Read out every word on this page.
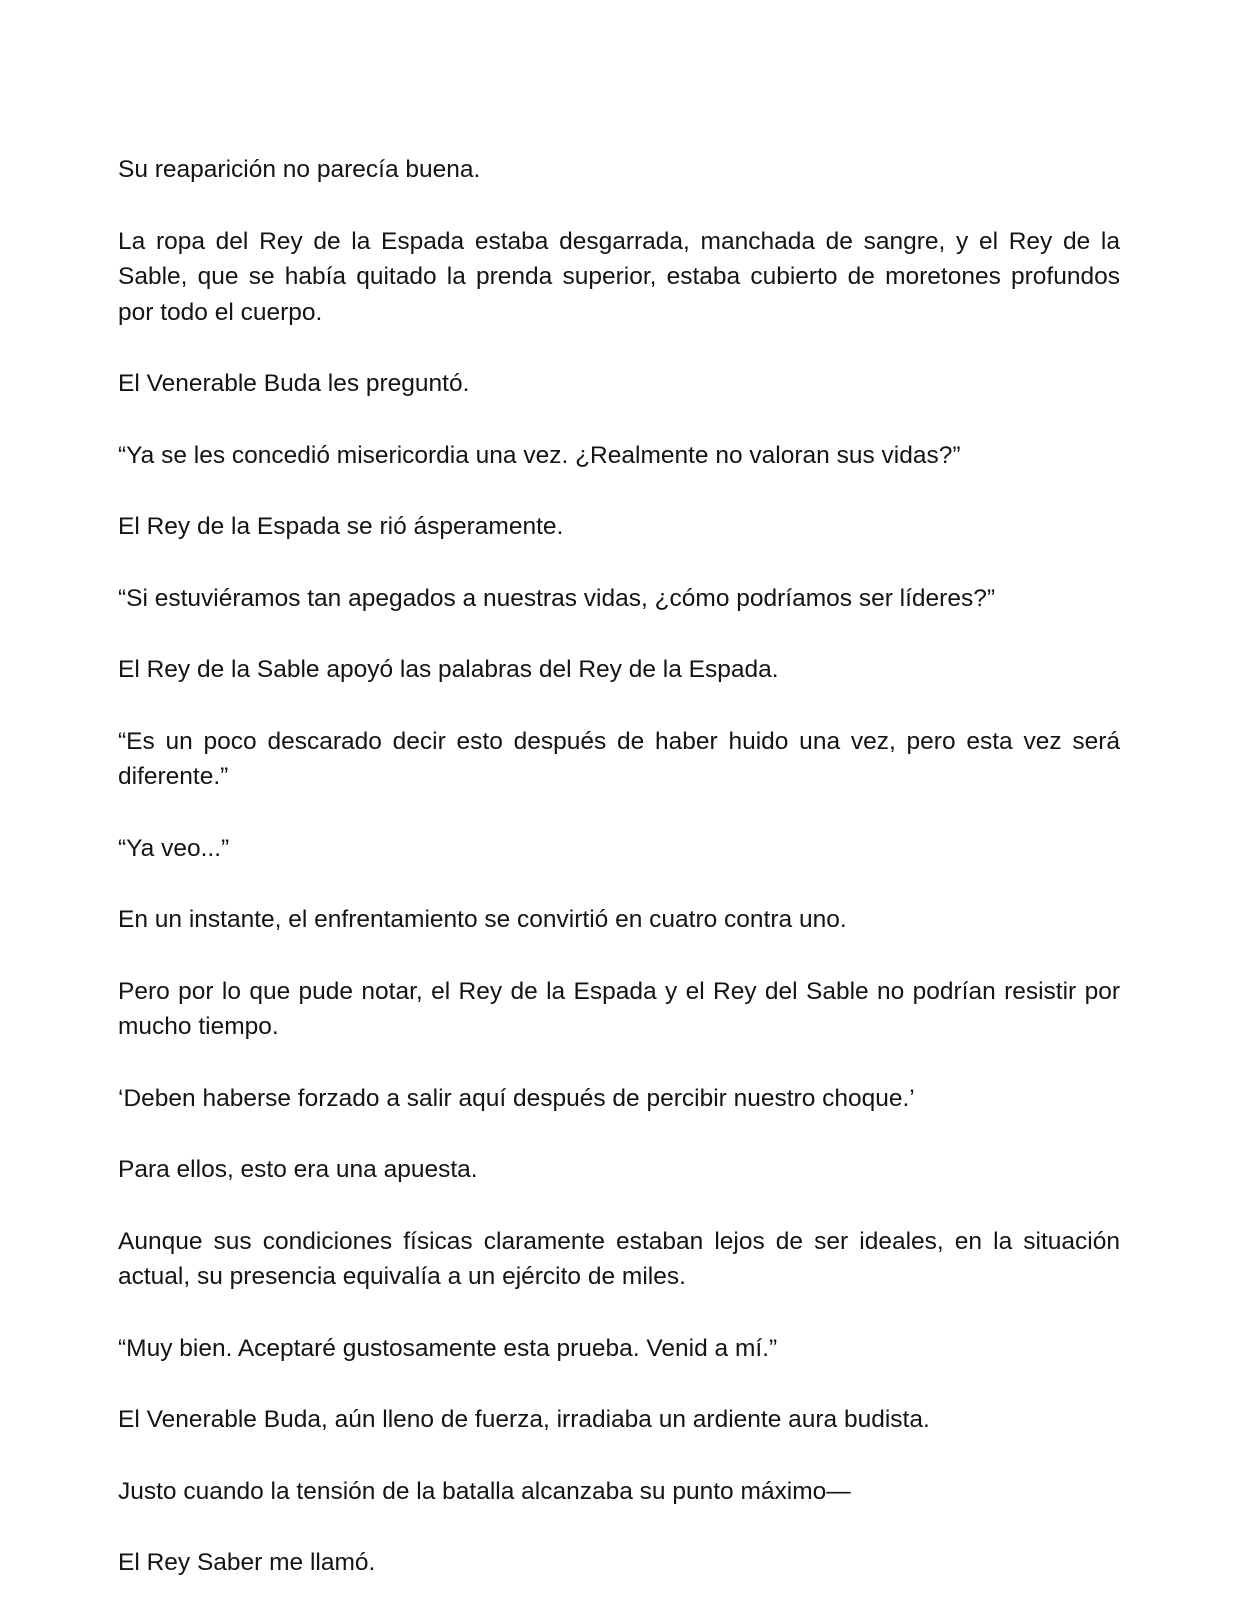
Su reaparición no parecía buena.

La ropa del Rey de la Espada estaba desgarrada, manchada de sangre, y el Rey de la Sable, que se había quitado la prenda superior, estaba cubierto de moretones profundos por todo el cuerpo.

El Venerable Buda les preguntó.

“Ya se les concedió misericordia una vez. ¿Realmente no valoran sus vidas?”

El Rey de la Espada se rió ásperamente.

“Si estuviéramos tan apegados a nuestras vidas, ¿cómo podríamos ser líderes?”

El Rey de la Sable apoyó las palabras del Rey de la Espada.

“Es un poco descarado decir esto después de haber huido una vez, pero esta vez será diferente.”

“Ya veo...”

En un instante, el enfrentamiento se convirtió en cuatro contra uno.

Pero por lo que pude notar, el Rey de la Espada y el Rey del Sable no podrían resistir por mucho tiempo.

‘Deben haberse forzado a salir aquí después de percibir nuestro choque.’

Para ellos, esto era una apuesta.

Aunque sus condiciones físicas claramente estaban lejos de ser ideales, en la situación actual, su presencia equivalía a un ejército de miles.

“Muy bien. Aceptaré gustosamente esta prueba. Venid a mí.”

El Venerable Buda, aún lleno de fuerza, irradiaba un ardiente aura budista.

Justo cuando la tensión de la batalla alcanzaba su punto máximo—

El Rey Saber me llamó.
